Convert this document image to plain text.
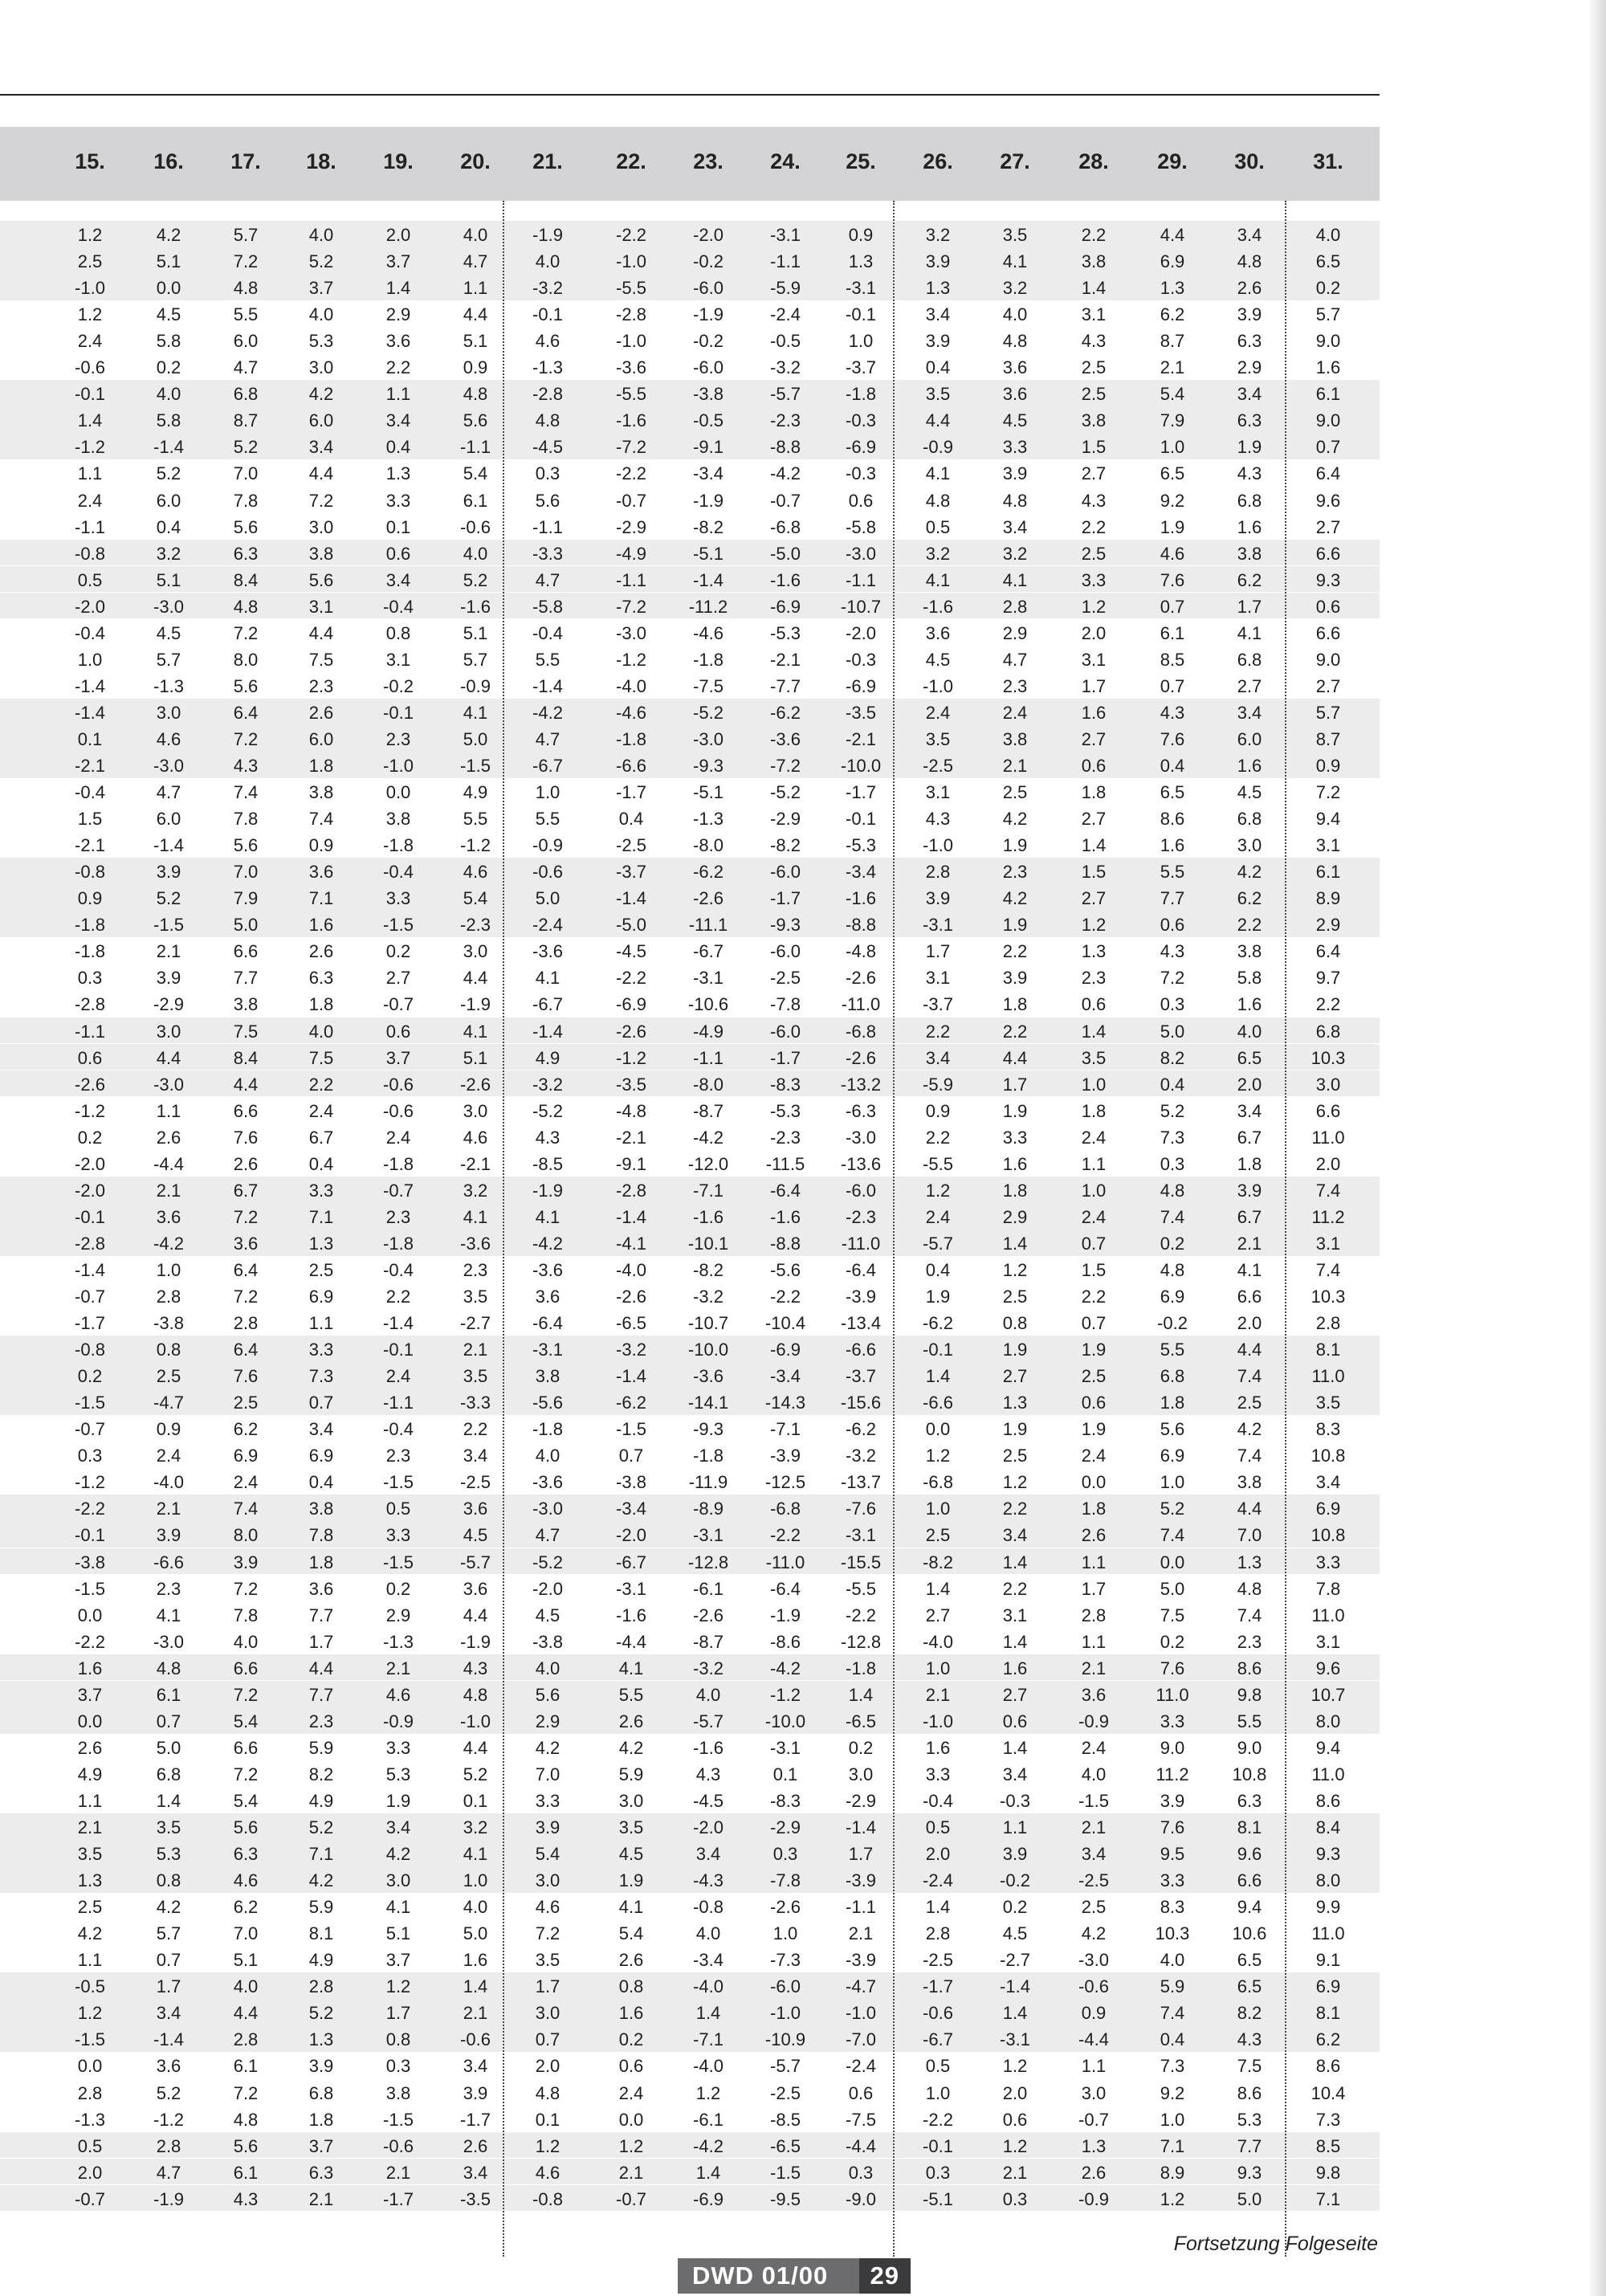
15.	16.	17.	18.	19.	20.	21.	22.	23.	24.	25.	26.	27.	28.	29.	30.	31.
1.2	4.2	5.7	4.0	2.0	4.0	-1.9	-2.2	-2.0	-3.1	0.9	3.2	3.5	2.2	4.4	3.4	4.0
2.5	5.1	7.2	5.2	3.7	4.7	4.0	-1.0	-0.2	-1.1	1.3	3.9	4.1	3.8	6.9	4.8	6.5
-1.0	0.0	4.8	3.7	1.4	1.1	-3.2	-5.5	-6.0	-5.9	-3.1	1.3	3.2	1.4	1.3	2.6	0.2
1.2	4.5	5.5	4.0	2.9	4.4	-0.1	-2.8	-1.9	-2.4	-0.1	3.4	4.0	3.1	6.2	3.9	5.7
2.4	5.8	6.0	5.3	3.6	5.1	4.6	-1.0	-0.2	-0.5	1.0	3.9	4.8	4.3	8.7	6.3	9.0
-0.6	0.2	4.7	3.0	2.2	0.9	-1.3	-3.6	-6.0	-3.2	-3.7	0.4	3.6	2.5	2.1	2.9	1.6
-0.1	4.0	6.8	4.2	1.1	4.8	-2.8	-5.5	-3.8	-5.7	-1.8	3.5	3.6	2.5	5.4	3.4	6.1
1.4	5.8	8.7	6.0	3.4	5.6	4.8	-1.6	-0.5	-2.3	-0.3	4.4	4.5	3.8	7.9	6.3	9.0
-1.2	-1.4	5.2	3.4	0.4	-1.1	-4.5	-7.2	-9.1	-8.8	-6.9	-0.9	3.3	1.5	1.0	1.9	0.7
1.1	5.2	7.0	4.4	1.3	5.4	0.3	-2.2	-3.4	-4.2	-0.3	4.1	3.9	2.7	6.5	4.3	6.4
2.4	6.0	7.8	7.2	3.3	6.1	5.6	-0.7	-1.9	-0.7	0.6	4.8	4.8	4.3	9.2	6.8	9.6
-1.1	0.4	5.6	3.0	0.1	-0.6	-1.1	-2.9	-8.2	-6.8	-5.8	0.5	3.4	2.2	1.9	1.6	2.7
-0.8	3.2	6.3	3.8	0.6	4.0	-3.3	-4.9	-5.1	-5.0	-3.0	3.2	3.2	2.5	4.6	3.8	6.6
0.5	5.1	8.4	5.6	3.4	5.2	4.7	-1.1	-1.4	-1.6	-1.1	4.1	4.1	3.3	7.6	6.2	9.3
-2.0	-3.0	4.8	3.1	-0.4	-1.6	-5.8	-7.2	-11.2	-6.9	-10.7	-1.6	2.8	1.2	0.7	1.7	0.6
-0.4	4.5	7.2	4.4	0.8	5.1	-0.4	-3.0	-4.6	-5.3	-2.0	3.6	2.9	2.0	6.1	4.1	6.6
1.0	5.7	8.0	7.5	3.1	5.7	5.5	-1.2	-1.8	-2.1	-0.3	4.5	4.7	3.1	8.5	6.8	9.0
-1.4	-1.3	5.6	2.3	-0.2	-0.9	-1.4	-4.0	-7.5	-7.7	-6.9	-1.0	2.3	1.7	0.7	2.7	2.7
-1.4	3.0	6.4	2.6	-0.1	4.1	-4.2	-4.6	-5.2	-6.2	-3.5	2.4	2.4	1.6	4.3	3.4	5.7
0.1	4.6	7.2	6.0	2.3	5.0	4.7	-1.8	-3.0	-3.6	-2.1	3.5	3.8	2.7	7.6	6.0	8.7
-2.1	-3.0	4.3	1.8	-1.0	-1.5	-6.7	-6.6	-9.3	-7.2	-10.0	-2.5	2.1	0.6	0.4	1.6	0.9
-0.4	4.7	7.4	3.8	0.0	4.9	1.0	-1.7	-5.1	-5.2	-1.7	3.1	2.5	1.8	6.5	4.5	7.2
1.5	6.0	7.8	7.4	3.8	5.5	5.5	0.4	-1.3	-2.9	-0.1	4.3	4.2	2.7	8.6	6.8	9.4
-2.1	-1.4	5.6	0.9	-1.8	-1.2	-0.9	-2.5	-8.0	-8.2	-5.3	-1.0	1.9	1.4	1.6	3.0	3.1
-0.8	3.9	7.0	3.6	-0.4	4.6	-0.6	-3.7	-6.2	-6.0	-3.4	2.8	2.3	1.5	5.5	4.2	6.1
0.9	5.2	7.9	7.1	3.3	5.4	5.0	-1.4	-2.6	-1.7	-1.6	3.9	4.2	2.7	7.7	6.2	8.9
-1.8	-1.5	5.0	1.6	-1.5	-2.3	-2.4	-5.0	-11.1	-9.3	-8.8	-3.1	1.9	1.2	0.6	2.2	2.9
-1.8	2.1	6.6	2.6	0.2	3.0	-3.6	-4.5	-6.7	-6.0	-4.8	1.7	2.2	1.3	4.3	3.8	6.4
0.3	3.9	7.7	6.3	2.7	4.4	4.1	-2.2	-3.1	-2.5	-2.6	3.1	3.9	2.3	7.2	5.8	9.7
-2.8	-2.9	3.8	1.8	-0.7	-1.9	-6.7	-6.9	-10.6	-7.8	-11.0	-3.7	1.8	0.6	0.3	1.6	2.2
-1.1	3.0	7.5	4.0	0.6	4.1	-1.4	-2.6	-4.9	-6.0	-6.8	2.2	2.2	1.4	5.0	4.0	6.8
0.6	4.4	8.4	7.5	3.7	5.1	4.9	-1.2	-1.1	-1.7	-2.6	3.4	4.4	3.5	8.2	6.5	10.3
-2.6	-3.0	4.4	2.2	-0.6	-2.6	-3.2	-3.5	-8.0	-8.3	-13.2	-5.9	1.7	1.0	0.4	2.0	3.0
-1.2	1.1	6.6	2.4	-0.6	3.0	-5.2	-4.8	-8.7	-5.3	-6.3	0.9	1.9	1.8	5.2	3.4	6.6
0.2	2.6	7.6	6.7	2.4	4.6	4.3	-2.1	-4.2	-2.3	-3.0	2.2	3.3	2.4	7.3	6.7	11.0
-2.0	-4.4	2.6	0.4	-1.8	-2.1	-8.5	-9.1	-12.0	-11.5	-13.6	-5.5	1.6	1.1	0.3	1.8	2.0
-2.0	2.1	6.7	3.3	-0.7	3.2	-1.9	-2.8	-7.1	-6.4	-6.0	1.2	1.8	1.0	4.8	3.9	7.4
-0.1	3.6	7.2	7.1	2.3	4.1	4.1	-1.4	-1.6	-1.6	-2.3	2.4	2.9	2.4	7.4	6.7	11.2
-2.8	-4.2	3.6	1.3	-1.8	-3.6	-4.2	-4.1	-10.1	-8.8	-11.0	-5.7	1.4	0.7	0.2	2.1	3.1
-1.4	1.0	6.4	2.5	-0.4	2.3	-3.6	-4.0	-8.2	-5.6	-6.4	0.4	1.2	1.5	4.8	4.1	7.4
-0.7	2.8	7.2	6.9	2.2	3.5	3.6	-2.6	-3.2	-2.2	-3.9	1.9	2.5	2.2	6.9	6.6	10.3
-1.7	-3.8	2.8	1.1	-1.4	-2.7	-6.4	-6.5	-10.7	-10.4	-13.4	-6.2	0.8	0.7	-0.2	2.0	2.8
-0.8	0.8	6.4	3.3	-0.1	2.1	-3.1	-3.2	-10.0	-6.9	-6.6	-0.1	1.9	1.9	5.5	4.4	8.1
0.2	2.5	7.6	7.3	2.4	3.5	3.8	-1.4	-3.6	-3.4	-3.7	1.4	2.7	2.5	6.8	7.4	11.0
-1.5	-4.7	2.5	0.7	-1.1	-3.3	-5.6	-6.2	-14.1	-14.3	-15.6	-6.6	1.3	0.6	1.8	2.5	3.5
-0.7	0.9	6.2	3.4	-0.4	2.2	-1.8	-1.5	-9.3	-7.1	-6.2	0.0	1.9	1.9	5.6	4.2	8.3
0.3	2.4	6.9	6.9	2.3	3.4	4.0	0.7	-1.8	-3.9	-3.2	1.2	2.5	2.4	6.9	7.4	10.8
-1.2	-4.0	2.4	0.4	-1.5	-2.5	-3.6	-3.8	-11.9	-12.5	-13.7	-6.8	1.2	0.0	1.0	3.8	3.4
-2.2	2.1	7.4	3.8	0.5	3.6	-3.0	-3.4	-8.9	-6.8	-7.6	1.0	2.2	1.8	5.2	4.4	6.9
-0.1	3.9	8.0	7.8	3.3	4.5	4.7	-2.0	-3.1	-2.2	-3.1	2.5	3.4	2.6	7.4	7.0	10.8
-3.8	-6.6	3.9	1.8	-1.5	-5.7	-5.2	-6.7	-12.8	-11.0	-15.5	-8.2	1.4	1.1	0.0	1.3	3.3
-1.5	2.3	7.2	3.6	0.2	3.6	-2.0	-3.1	-6.1	-6.4	-5.5	1.4	2.2	1.7	5.0	4.8	7.8
0.0	4.1	7.8	7.7	2.9	4.4	4.5	-1.6	-2.6	-1.9	-2.2	2.7	3.1	2.8	7.5	7.4	11.0
-2.2	-3.0	4.0	1.7	-1.3	-1.9	-3.8	-4.4	-8.7	-8.6	-12.8	-4.0	1.4	1.1	0.2	2.3	3.1
1.6	4.8	6.6	4.4	2.1	4.3	4.0	4.1	-3.2	-4.2	-1.8	1.0	1.6	2.1	7.6	8.6	9.6
3.7	6.1	7.2	7.7	4.6	4.8	5.6	5.5	4.0	-1.2	1.4	2.1	2.7	3.6	11.0	9.8	10.7
0.0	0.7	5.4	2.3	-0.9	-1.0	2.9	2.6	-5.7	-10.0	-6.5	-1.0	0.6	-0.9	3.3	5.5	8.0
2.6	5.0	6.6	5.9	3.3	4.4	4.2	4.2	-1.6	-3.1	0.2	1.6	1.4	2.4	9.0	9.0	9.4
4.9	6.8	7.2	8.2	5.3	5.2	7.0	5.9	4.3	0.1	3.0	3.3	3.4	4.0	11.2	10.8	11.0
1.1	1.4	5.4	4.9	1.9	0.1	3.3	3.0	-4.5	-8.3	-2.9	-0.4	-0.3	-1.5	3.9	6.3	8.6
2.1	3.5	5.6	5.2	3.4	3.2	3.9	3.5	-2.0	-2.9	-1.4	0.5	1.1	2.1	7.6	8.1	8.4
3.5	5.3	6.3	7.1	4.2	4.1	5.4	4.5	3.4	0.3	1.7	2.0	3.9	3.4	9.5	9.6	9.3
1.3	0.8	4.6	4.2	3.0	1.0	3.0	1.9	-4.3	-7.8	-3.9	-2.4	-0.2	-2.5	3.3	6.6	8.0
2.5	4.2	6.2	5.9	4.1	4.0	4.6	4.1	-0.8	-2.6	-1.1	1.4	0.2	2.5	8.3	9.4	9.9
4.2	5.7	7.0	8.1	5.1	5.0	7.2	5.4	4.0	1.0	2.1	2.8	4.5	4.2	10.3	10.6	11.0
1.1	0.7	5.1	4.9	3.7	1.6	3.5	2.6	-3.4	-7.3	-3.9	-2.5	-2.7	-3.0	4.0	6.5	9.1
-0.5	1.7	4.0	2.8	1.2	1.4	1.7	0.8	-4.0	-6.0	-4.7	-1.7	-1.4	-0.6	5.9	6.5	6.9
1.2	3.4	4.4	5.2	1.7	2.1	3.0	1.6	1.4	-1.0	-1.0	-0.6	1.4	0.9	7.4	8.2	8.1
-1.5	-1.4	2.8	1.3	0.8	-0.6	0.7	0.2	-7.1	-10.9	-7.0	-6.7	-3.1	-4.4	0.4	4.3	6.2
0.0	3.6	6.1	3.9	0.3	3.4	2.0	0.6	-4.0	-5.7	-2.4	0.5	1.2	1.1	7.3	7.5	8.6
2.8	5.2	7.2	6.8	3.8	3.9	4.8	2.4	1.2	-2.5	0.6	1.0	2.0	3.0	9.2	8.6	10.4
-1.3	-1.2	4.8	1.8	-1.5	-1.7	0.1	0.0	-6.1	-8.5	-7.5	-2.2	0.6	-0.7	1.0	5.3	7.3
0.5	2.8	5.6	3.7	-0.6	2.6	1.2	1.2	-4.2	-6.5	-4.4	-0.1	1.2	1.3	7.1	7.7	8.5
2.0	4.7	6.1	6.3	2.1	3.4	4.6	2.1	1.4	-1.5	0.3	0.3	2.1	2.6	8.9	9.3	9.8
-0.7	-1.9	4.3	2.1	-1.7	-3.5	-0.8	-0.7	-6.9	-9.5	-9.0	-5.1	0.3	-0.9	1.2	5.0	7.1
Fortsetzung Folgeseite
DWD 01/00	29
